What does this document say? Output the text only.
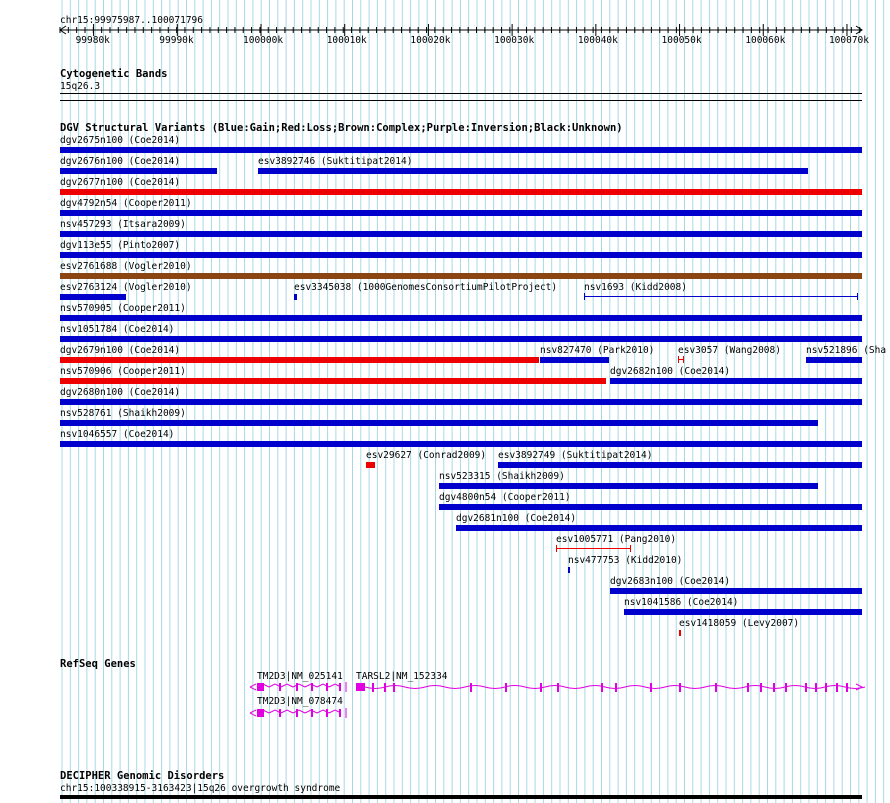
chr15:99975987..100071796
99980k	99990k	100000k	100010k	100020k	100030k	100040k	100050k	100060k	100070k
Cytogenetic Bands
15q26.3
DGV Structural Variants (Blue:Gain;Red:Loss;Brown:Complex;Purple:Inversion;Black:Unknown)
dgv2675n100 (Coe2014)
dgv2676n100 (Coe2014)	esv3892746 (Suktitipat2014)
dgv2677n100 (Coe2014)
dgv4792n54 (Cooper2011)
nsv457293 (Itsara2009)
dgv113e55 (Pinto2007)
esv2761688 (Vogler2010)
esv2763124 (Vogler2010)	esv3345038 (1000GenomesConsortiumPilotProject)	nsv1693 (Kidd2008)
nsv570905 (Cooper2011)
nsv1051784 (Coe2014)
dgv2679n100 (Coe2014)	nsv827470 (Park2010) esv3057 (Wang2008)	nsv521896 (Sha
nsv570906 (Cooper2011)	dgv2682n100 (Coe2014)
dgv2680n100 (Coe2014)
nsv528761 (Shaikh2009)
nsv1046557 (Coe2014)
esv29627 (Conrad2009) esv3892749 (Suktitipat2014)
nsv523315 (Shaikh2009)
dgv4800n54 (Cooper2011)
dgv2681n100 (Coe2014)
esv1005771 (Pang2010)
nsv477753 (Kidd2010)
dgv2683n100 (Coe2014)
nsv1041586 (Coe2014)
esv1418059 (Levy2007)
RefSeq Genes
TM2D3|NM_025141 TARSL2|NM_152334
TM2D3|NM_078474
DECIPHER Genomic Disorders
chr15:100338915-3163423|15q26 overgrowth syndrome
